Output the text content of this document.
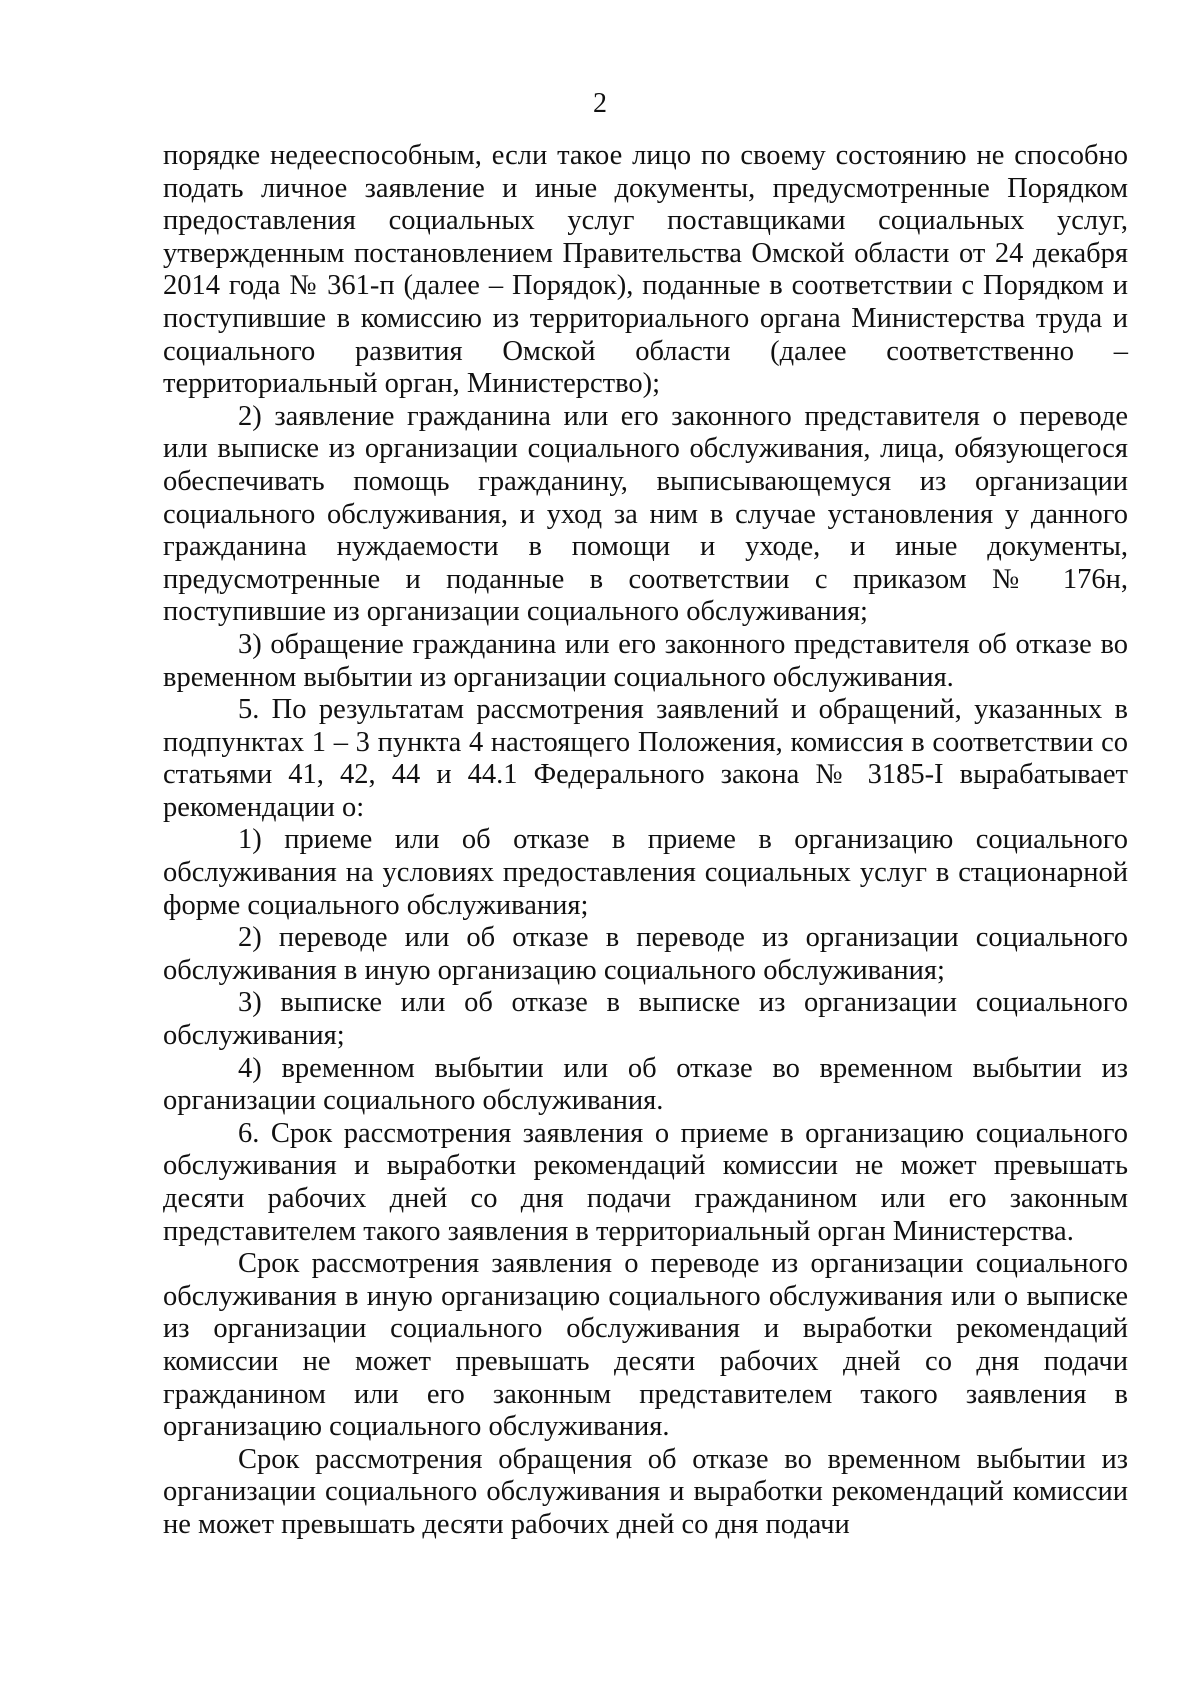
2

порядке недееспособным, если такое лицо по своему состоянию не способно подать личное заявление и иные документы, предусмотренные Порядком предоставления социальных услуг поставщиками социальных услуг, утвержденным постановлением Правительства Омской области от 24 декабря 2014 года № 361-п (далее – Порядок), поданные в соответствии с Порядком и поступившие в комиссию из территориального органа Министерства труда и социального развития Омской области (далее соответственно – территориальный орган, Министерство);

2) заявление гражданина или его законного представителя о переводе или выписке из организации социального обслуживания, лица, обязующегося обеспечивать помощь гражданину, выписывающемуся из организации социального обслуживания, и уход за ним в случае установления у данного гражданина нуждаемости в помощи и уходе, и иные документы, предусмотренные и поданные в соответствии с приказом № 176н, поступившие из организации социального обслуживания;

3) обращение гражданина или его законного представителя об отказе во временном выбытии из организации социального обслуживания.

5. По результатам рассмотрения заявлений и обращений, указанных в подпунктах 1 – 3 пункта 4 настоящего Положения, комиссия в соответствии со статьями 41, 42, 44 и 44.1 Федерального закона № 3185-I вырабатывает рекомендации о:

1) приеме или об отказе в приеме в организацию социального обслуживания на условиях предоставления социальных услуг в стационарной форме социального обслуживания;

2) переводе или об отказе в переводе из организации социального обслуживания в иную организацию социального обслуживания;

3) выписке или об отказе в выписке из организации социального обслуживания;

4) временном выбытии или об отказе во временном выбытии из организации социального обслуживания.

6. Срок рассмотрения заявления о приеме в организацию социального обслуживания и выработки рекомендаций комиссии не может превышать десяти рабочих дней со дня подачи гражданином или его законным представителем такого заявления в территориальный орган Министерства.

Срок рассмотрения заявления о переводе из организации социального обслуживания в иную организацию социального обслуживания или о выписке из организации социального обслуживания и выработки рекомендаций комиссии не может превышать десяти рабочих дней со дня подачи гражданином или его законным представителем такого заявления в организацию социального обслуживания.

Срок рассмотрения обращения об отказе во временном выбытии из организации социального обслуживания и выработки рекомендаций комиссии не может превышать десяти рабочих дней со дня подачи
